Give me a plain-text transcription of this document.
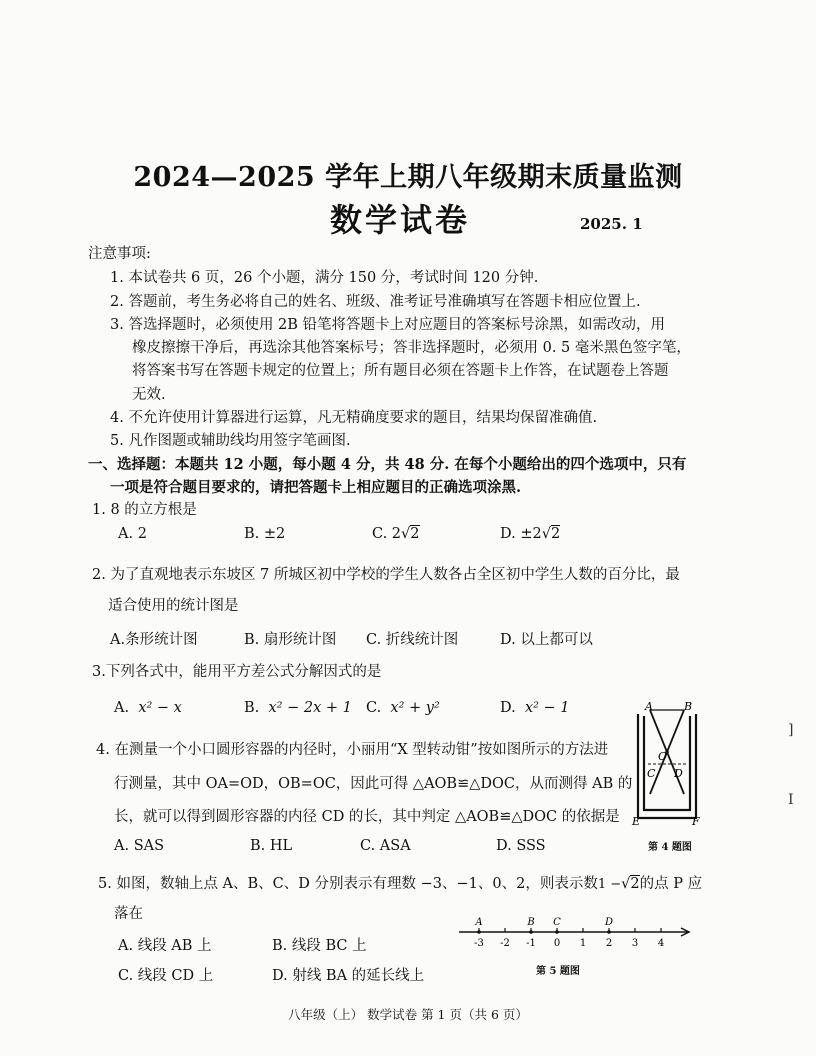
2024—2025 学年上期八年级期末质量监测
数学试卷	2025. 1
注意事项:
1. 本试卷共 6 页，26 个小题，满分 150 分，考试时间 120 分钟.
2. 答题前，考生务必将自己的姓名、班级、准考证号准确填写在答题卡相应位置上.
3. 答选择题时，必须使用 2B 铅笔将答题卡上对应题目的答案标号涂黑，如需改动，用
橡皮擦擦干净后，再选涂其他答案标号；答非选择题时，必须用 0. 5 毫米黑色签字笔，
将答案书写在答题卡规定的位置上；所有题目必须在答题卡上作答，在试题卷上答题
无效.
4. 不允许使用计算器进行运算，凡无精确度要求的题目，结果均保留准确值.
5. 凡作图题或辅助线均用签字笔画图.
一、选择题：本题共 12 小题，每小题 4 分，共 48 分. 在每个小题给出的四个选项中，只有
一项是符合题目要求的，请把答题卡上相应题目的正确选项涂黑.
1. 8 的立方根是
A. 2	B. ±2	C. 2√2	D. ±2√2
2. 为了直观地表示东坡区 7 所城区初中学校的学生人数各占全区初中学生人数的百分比，最
适合使用的统计图是
A.条形统计图	B. 扇形统计图 C. 折线统计图	D. 以上都可以
3.下列各式中，能用平方差公式分解因式的是
A. x² − x	B. x² − 2x + 1 C. x² + y²	D. x² − 1
4. 在测量一个小口圆形容器的内径时，小丽用“X 型转动钳”按如图所示的方法进
行测量，其中 OA=OD，OB=OC，因此可得 △AOB≌△DOC，从而测得 AB 的
长，就可以得到圆形容器的内径 CD 的长，其中判定 △AOB≌△DOC 的依据是
A. SAS	B. HL	C. ASA	D. SSS
A	B
O
C D
E	F
第 4 题图
5. 如图，数轴上点 A、B、C、D 分别表示有理数 −3、−1、0、2，则表示数1 −√2的点 P 应
落在
A. 线段 AB 上	B. 线段 BC 上
C. 线段 CD 上	D. 射线 BA 的延长线上
-3 -2 -1 0 1 2 3 4
A	B C	D
第 5 题图
八年级（上） 数学试卷 第 1 页（共 6 页）
]
I
